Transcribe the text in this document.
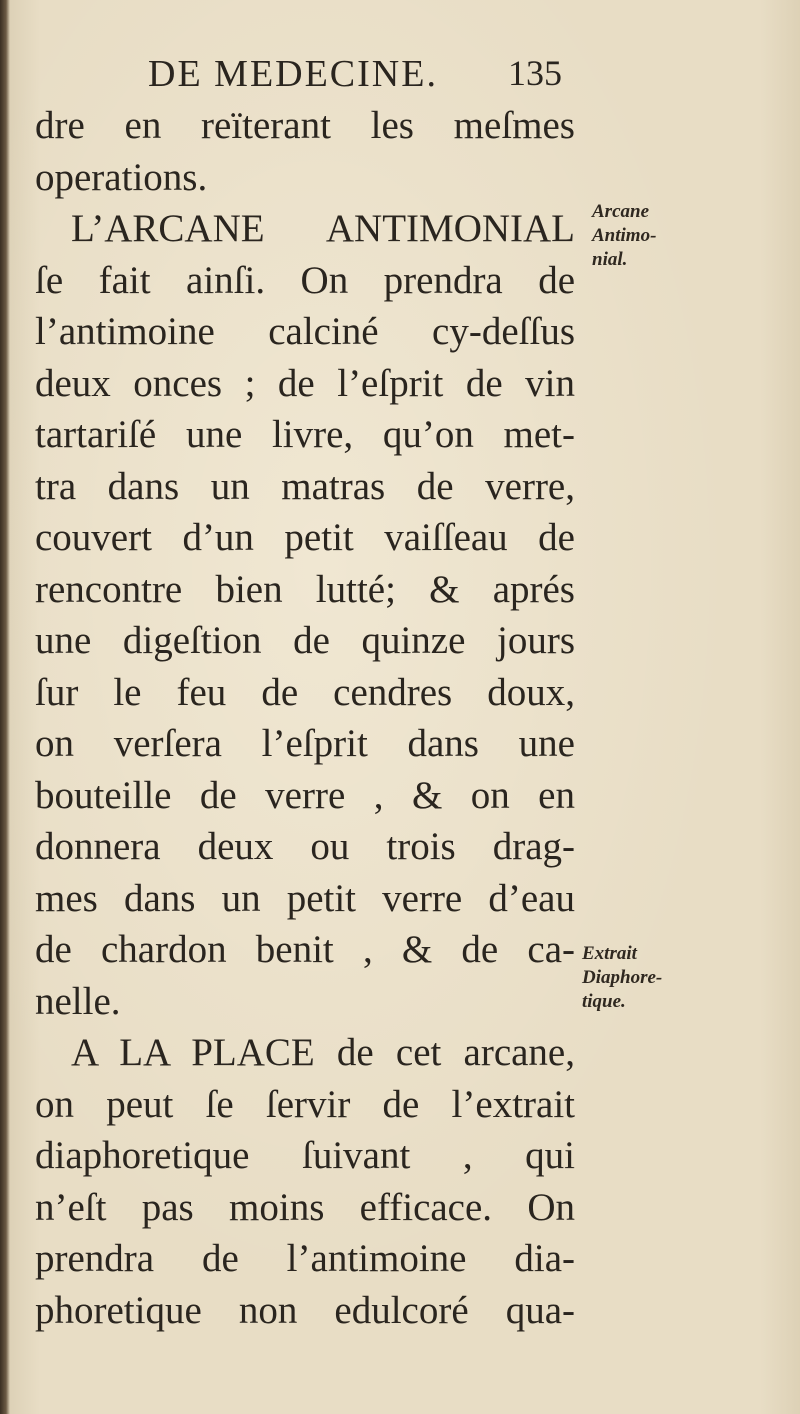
DE MEDECINE. 135
dre en reïterant les meſmes
operations.
L’ARCANE ANTIMONIAL
ſe fait ainſi. On prendra de
l’antimoine calciné cy-deſſus
deux onces ; de l’eſprit de vin
tartariſé une livre, qu’on met-
tra dans un matras de verre,
couvert d’un petit vaiſſeau de
rencontre bien lutté; & aprés
une digeſtion de quinze jours
ſur le feu de cendres doux,
on verſera l’eſprit dans une
bouteille de verre , & on en
donnera deux ou trois drag-
mes dans un petit verre d’eau
de chardon benit , & de ca-
nelle.
A LA PLACE de cet arcane,
on peut ſe ſervir de l’extrait
diaphoretique ſuivant , qui
n’eſt pas moins efficace. On
prendra de l’antimoine dia-
phoretique non edulcoré qua-
Arcane
Antimo-
nial.
Extrait
Diaphore-
tique.
